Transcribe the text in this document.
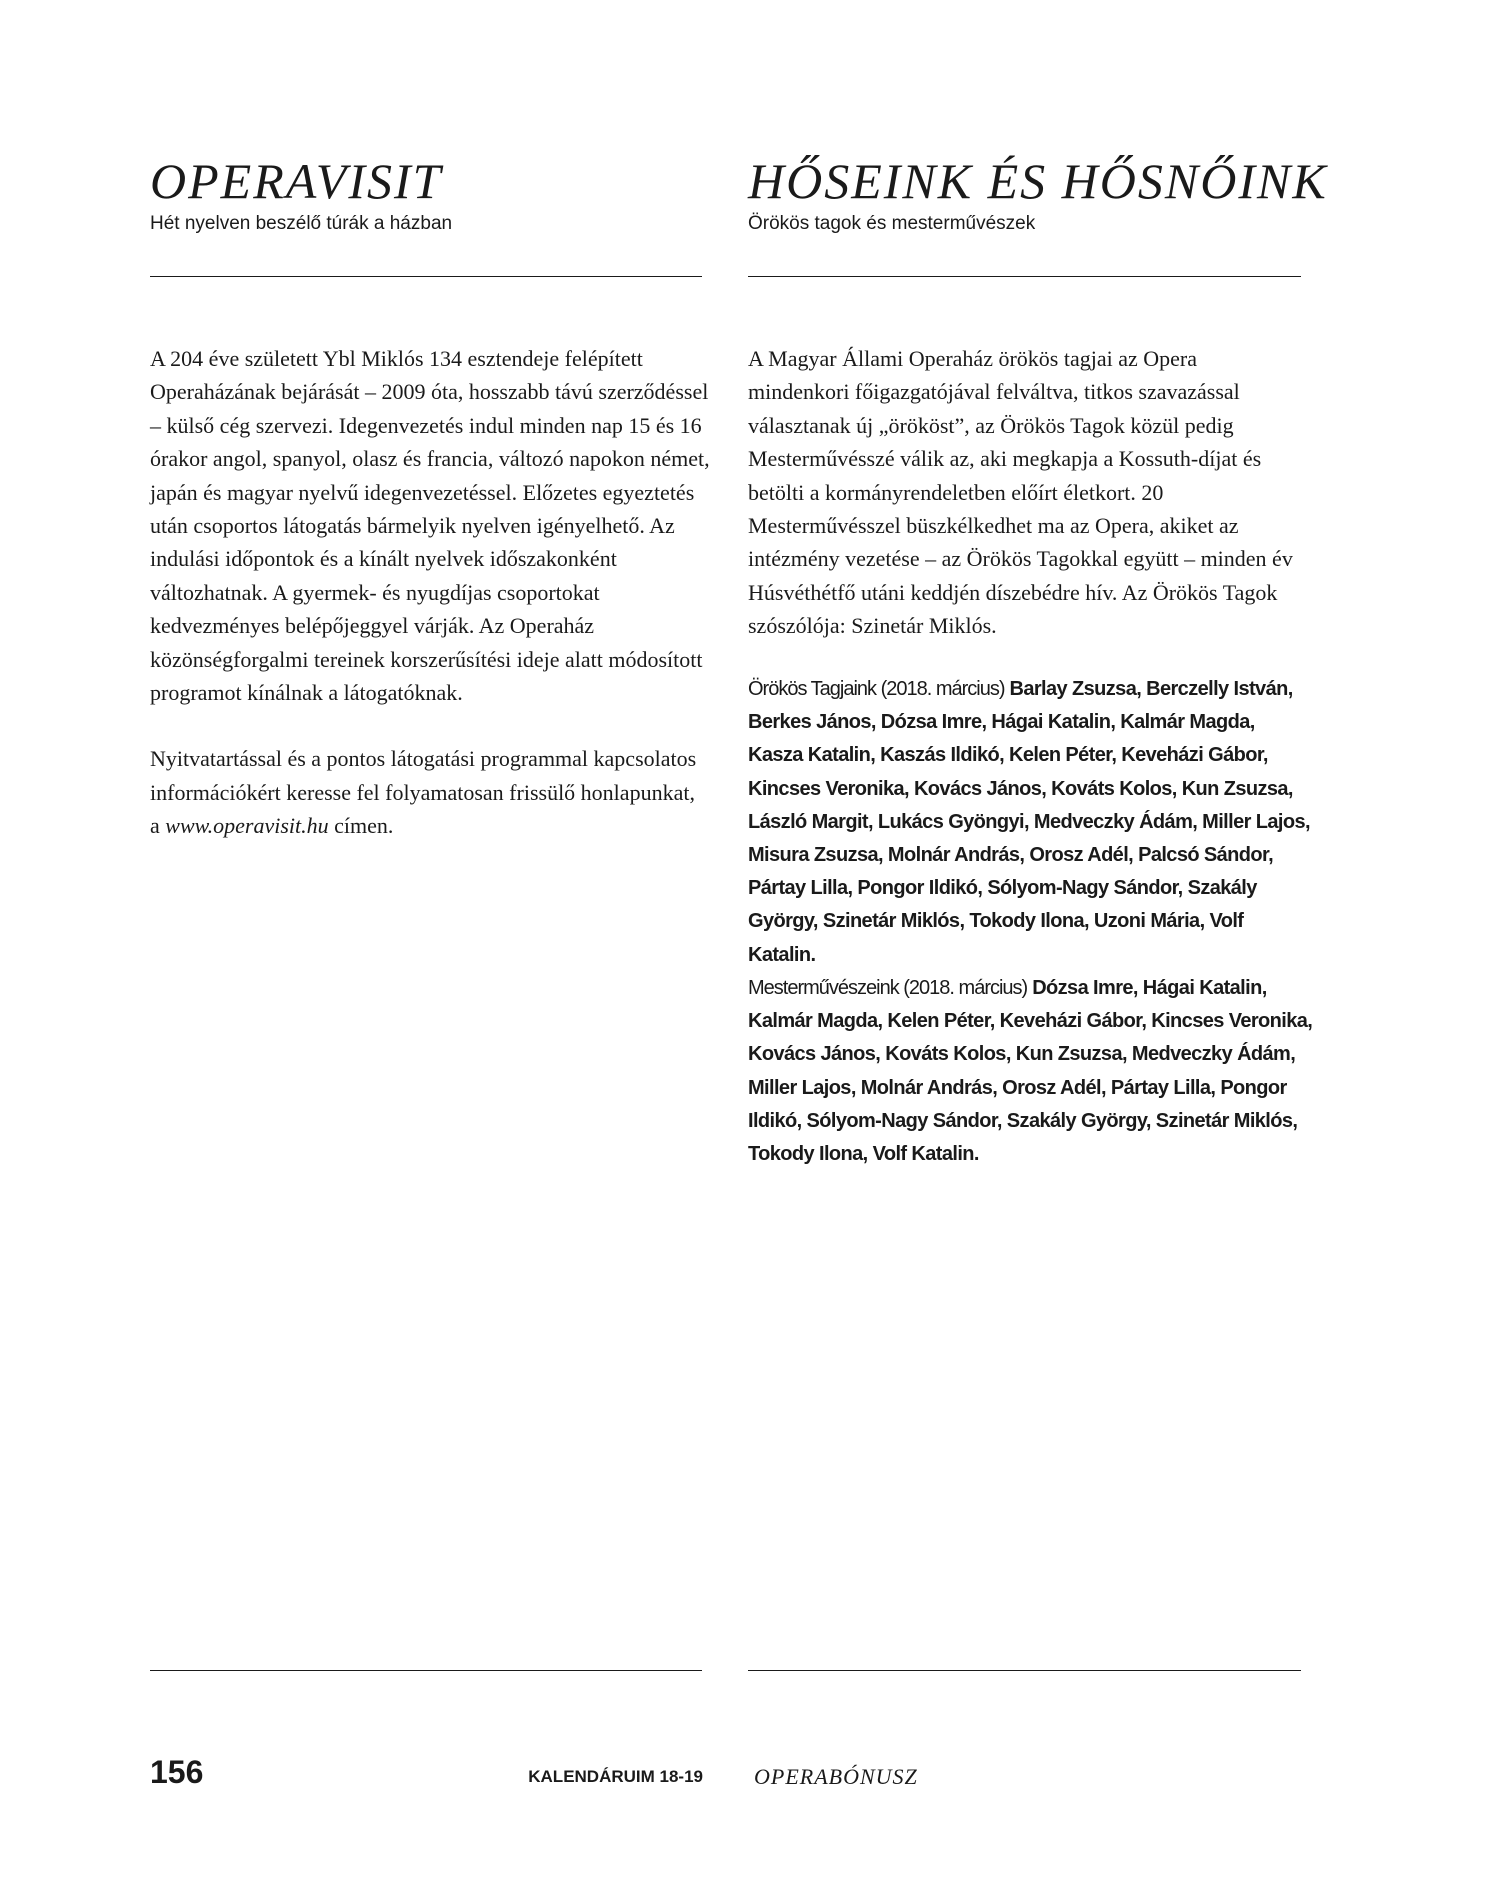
OPERAVISIT
Hét nyelven beszélő túrák a házban

A 204 éve született Ybl Miklós 134 esztendeje felépített Operaházának bejárását – 2009 óta, hosszabb távú szerződéssel – külső cég szervezi. Idegenvezetés indul minden nap 15 és 16 órakor angol, spanyol, olasz és francia, változó napokon német, japán és magyar nyelvű idegenvezetéssel. Előzetes egyeztetés után csoportos látogatás bármelyik nyelven igényelhető. Az indulási időpontok és a kínált nyelvek időszakonként változhatnak. A gyermek- és nyugdíjas csoportokat kedvezményes belépőjeggyel várják. Az Operaház közönségforgalmi tereinek korszerűsítési ideje alatt módosított programot kínálnak a látogatóknak.

Nyitvatartással és a pontos látogatási programmal kapcsolatos információkért keresse fel folyamatosan frissülő honlapunkat, a www.operavisit.hu címen.

HŐSEINK ÉS HŐSNŐINK
Örökös tagok és mesterművészek

A Magyar Állami Operaház örökös tagjai az Opera mindenkori főigazgatójával felváltva, titkos szavazással választanak új „örököst”, az Örökös Tagok közül pedig Mesterművésszé válik az, aki megkapja a Kossuth-díjat és betölti a kormányrendeletben előírt életkort. 20 Mesterművésszel büszkélkedhet ma az Opera, akiket az intézmény vezetése – az Örökös Tagokkal együtt – minden év Húsvéthétfő utáni keddjén díszebédre hív. Az Örökös Tagok szószólója: Szinetár Miklós.

Örökös Tagjaink (2018. március) Barlay Zsuzsa, Berczelly István, Berkes János, Dózsa Imre, Hágai Katalin, Kalmár Magda, Kasza Katalin, Kaszás Ildikó, Kelen Péter, Keveházi Gábor, Kincses Veronika, Kovács János, Kováts Kolos, Kun Zsuzsa, László Margit, Lukács Gyöngyi, Medveczky Ádám, Miller Lajos, Misura Zsuzsa, Molnár András, Orosz Adél, Palcsó Sándor, Pártay Lilla, Pongor Ildikó, Sólyom-Nagy Sándor, Szakály György, Szinetár Miklós, Tokody Ilona, Uzoni Mária, Volf Katalin.

Mesterművészeink (2018. március) Dózsa Imre, Hágai Katalin, Kalmár Magda, Kelen Péter, Keveházi Gábor, Kincses Veronika, Kovács János, Kováts Kolos, Kun Zsuzsa, Medveczky Ádám, Miller Lajos, Molnár András, Orosz Adél, Pártay Lilla, Pongor Ildikó, Sólyom-Nagy Sándor, Szakály György, Szinetár Miklós, Tokody Ilona, Volf Katalin.

156	KALENDÁRUIM 18-19 OPERABÓNUSZ
